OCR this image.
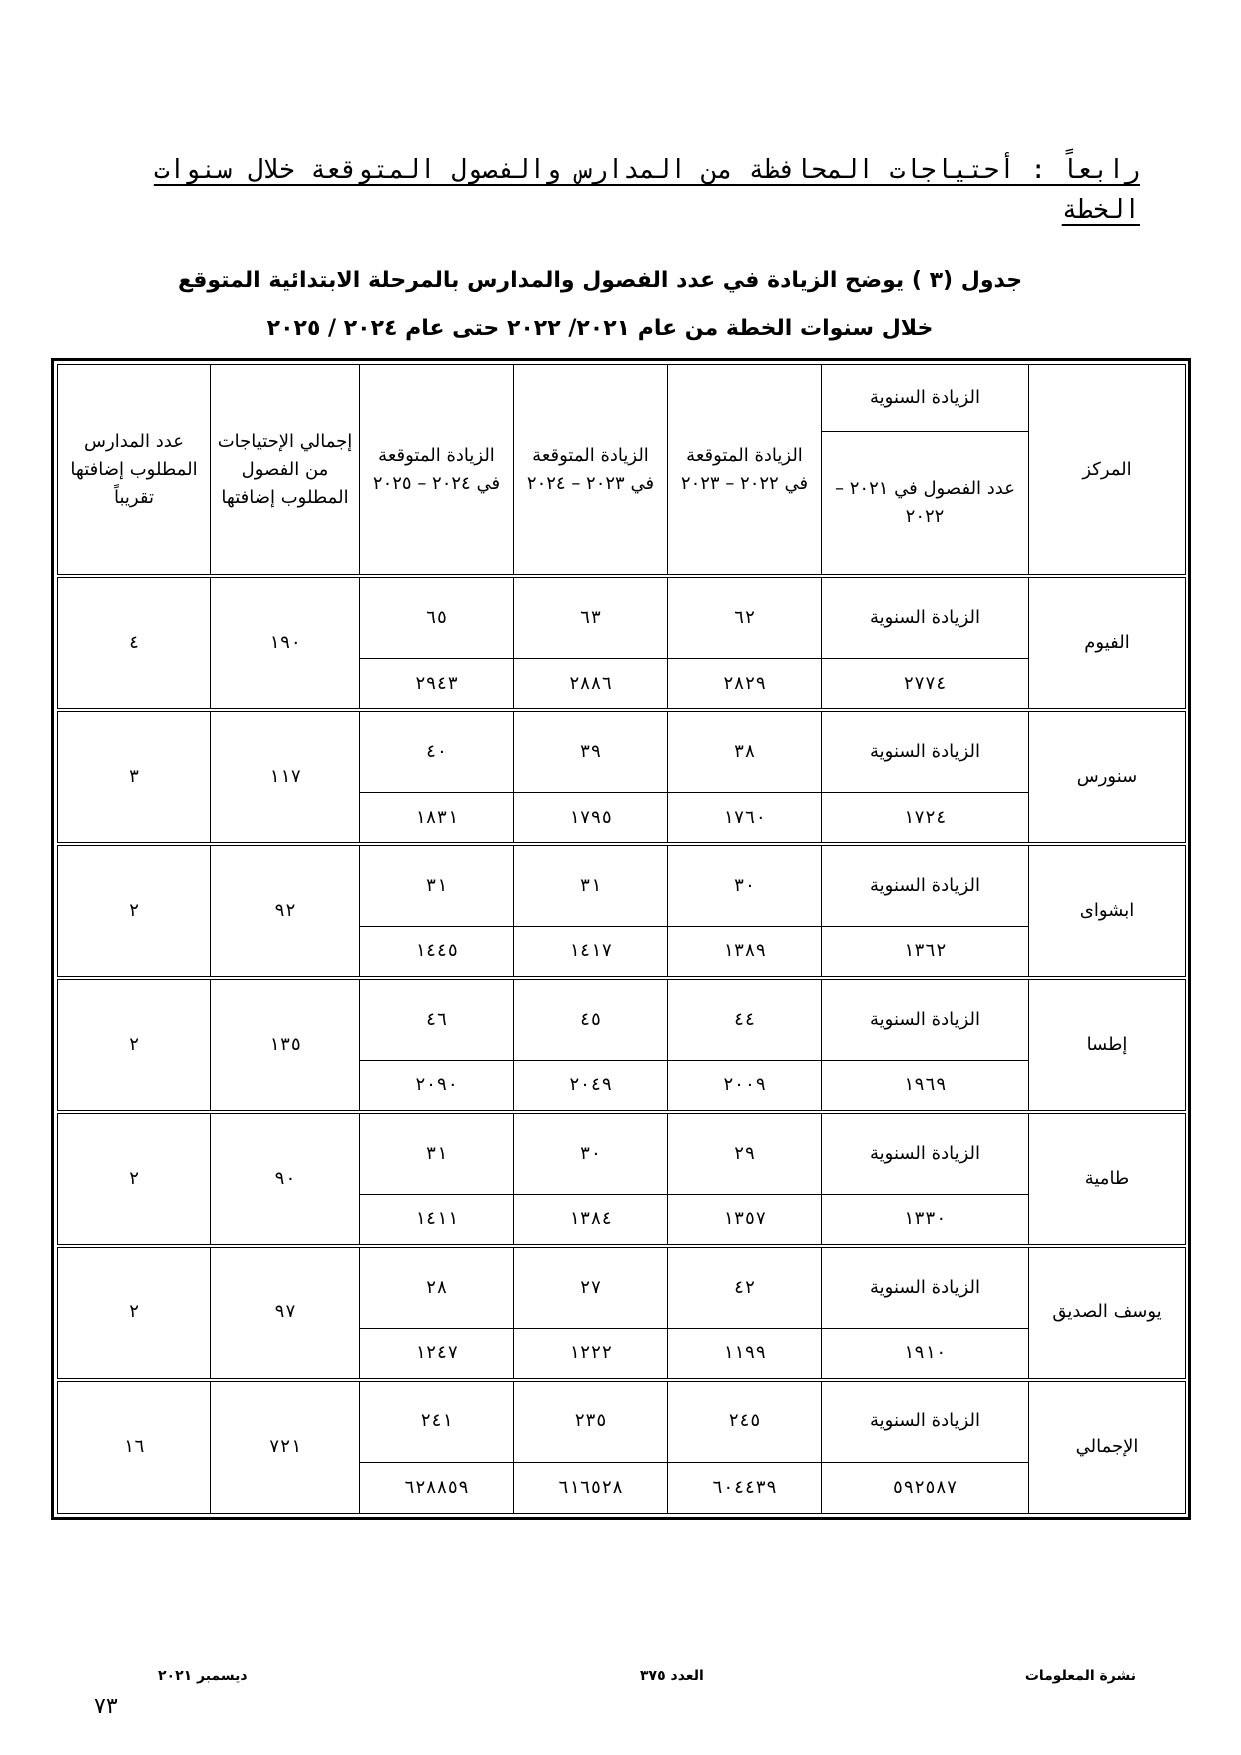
رابعاً : أحتياجات المحافظة من المدارس والفصول المتوقعة خلال سنوات الخطة
جدول (٣ ) يوضح الزيادة في عدد الفصول والمدارس بالمرحلة الابتدائية المتوقع
خلال سنوات الخطة من عام ٢٠٢١/ ٢٠٢٢ حتى عام ٢٠٢٤ / ٢٠٢٥
المركز	الزيادة السنوية	الزيادة المتوقعة في ٢٠٢٢ – ٢٠٢٣	الزيادة المتوقعة في ٢٠٢٣ – ٢٠٢٤	الزيادة المتوقعة في ٢٠٢٤ – ٢٠٢٥	إجمالي الإحتياجات من الفصول المطلوب إضافتها	عدد المدارس المطلوب إضافتها تقريباً
	عدد الفصول في ٢٠٢١ – ٢٠٢٢					
الفيوم	الزيادة السنوية	٦٢	٦٣	٦٥	١٩٠	٤
	٢٧٧٤	٢٨٢٩	٢٨٨٦	٢٩٤٣		
سنورس	الزيادة السنوية	٣٨	٣٩	٤٠	١١٧	٣
	١٧٢٤	١٧٦٠	١٧٩٥	١٨٣١		
ابشواى	الزيادة السنوية	٣٠	٣١	٣١	٩٢	٢
	١٣٦٢	١٣٨٩	١٤١٧	١٤٤٥		
إطسا	الزيادة السنوية	٤٤	٤٥	٤٦	١٣٥	٢
	١٩٦٩	٢٠٠٩	٢٠٤٩	٢٠٩٠		
طامية	الزيادة السنوية	٢٩	٣٠	٣١	٩٠	٢
	١٣٣٠	١٣٥٧	١٣٨٤	١٤١١		
يوسف الصديق	الزيادة السنوية	٤٢	٢٧	٢٨	٩٧	٢
	١٩١٠	١١٩٩	١٢٢٢	١٢٤٧		
الإجمالي	الزيادة السنوية	٢٤٥	٢٣٥	٢٤١	٧٢١	١٦
	٥٩٢٥٨٧	٦٠٤٤٣٩	٦١٦٥٢٨	٦٢٨٨٥٩		
نشرة المعلومات
العدد ٣٧٥
ديسمبر ٢٠٢١
٧٣
